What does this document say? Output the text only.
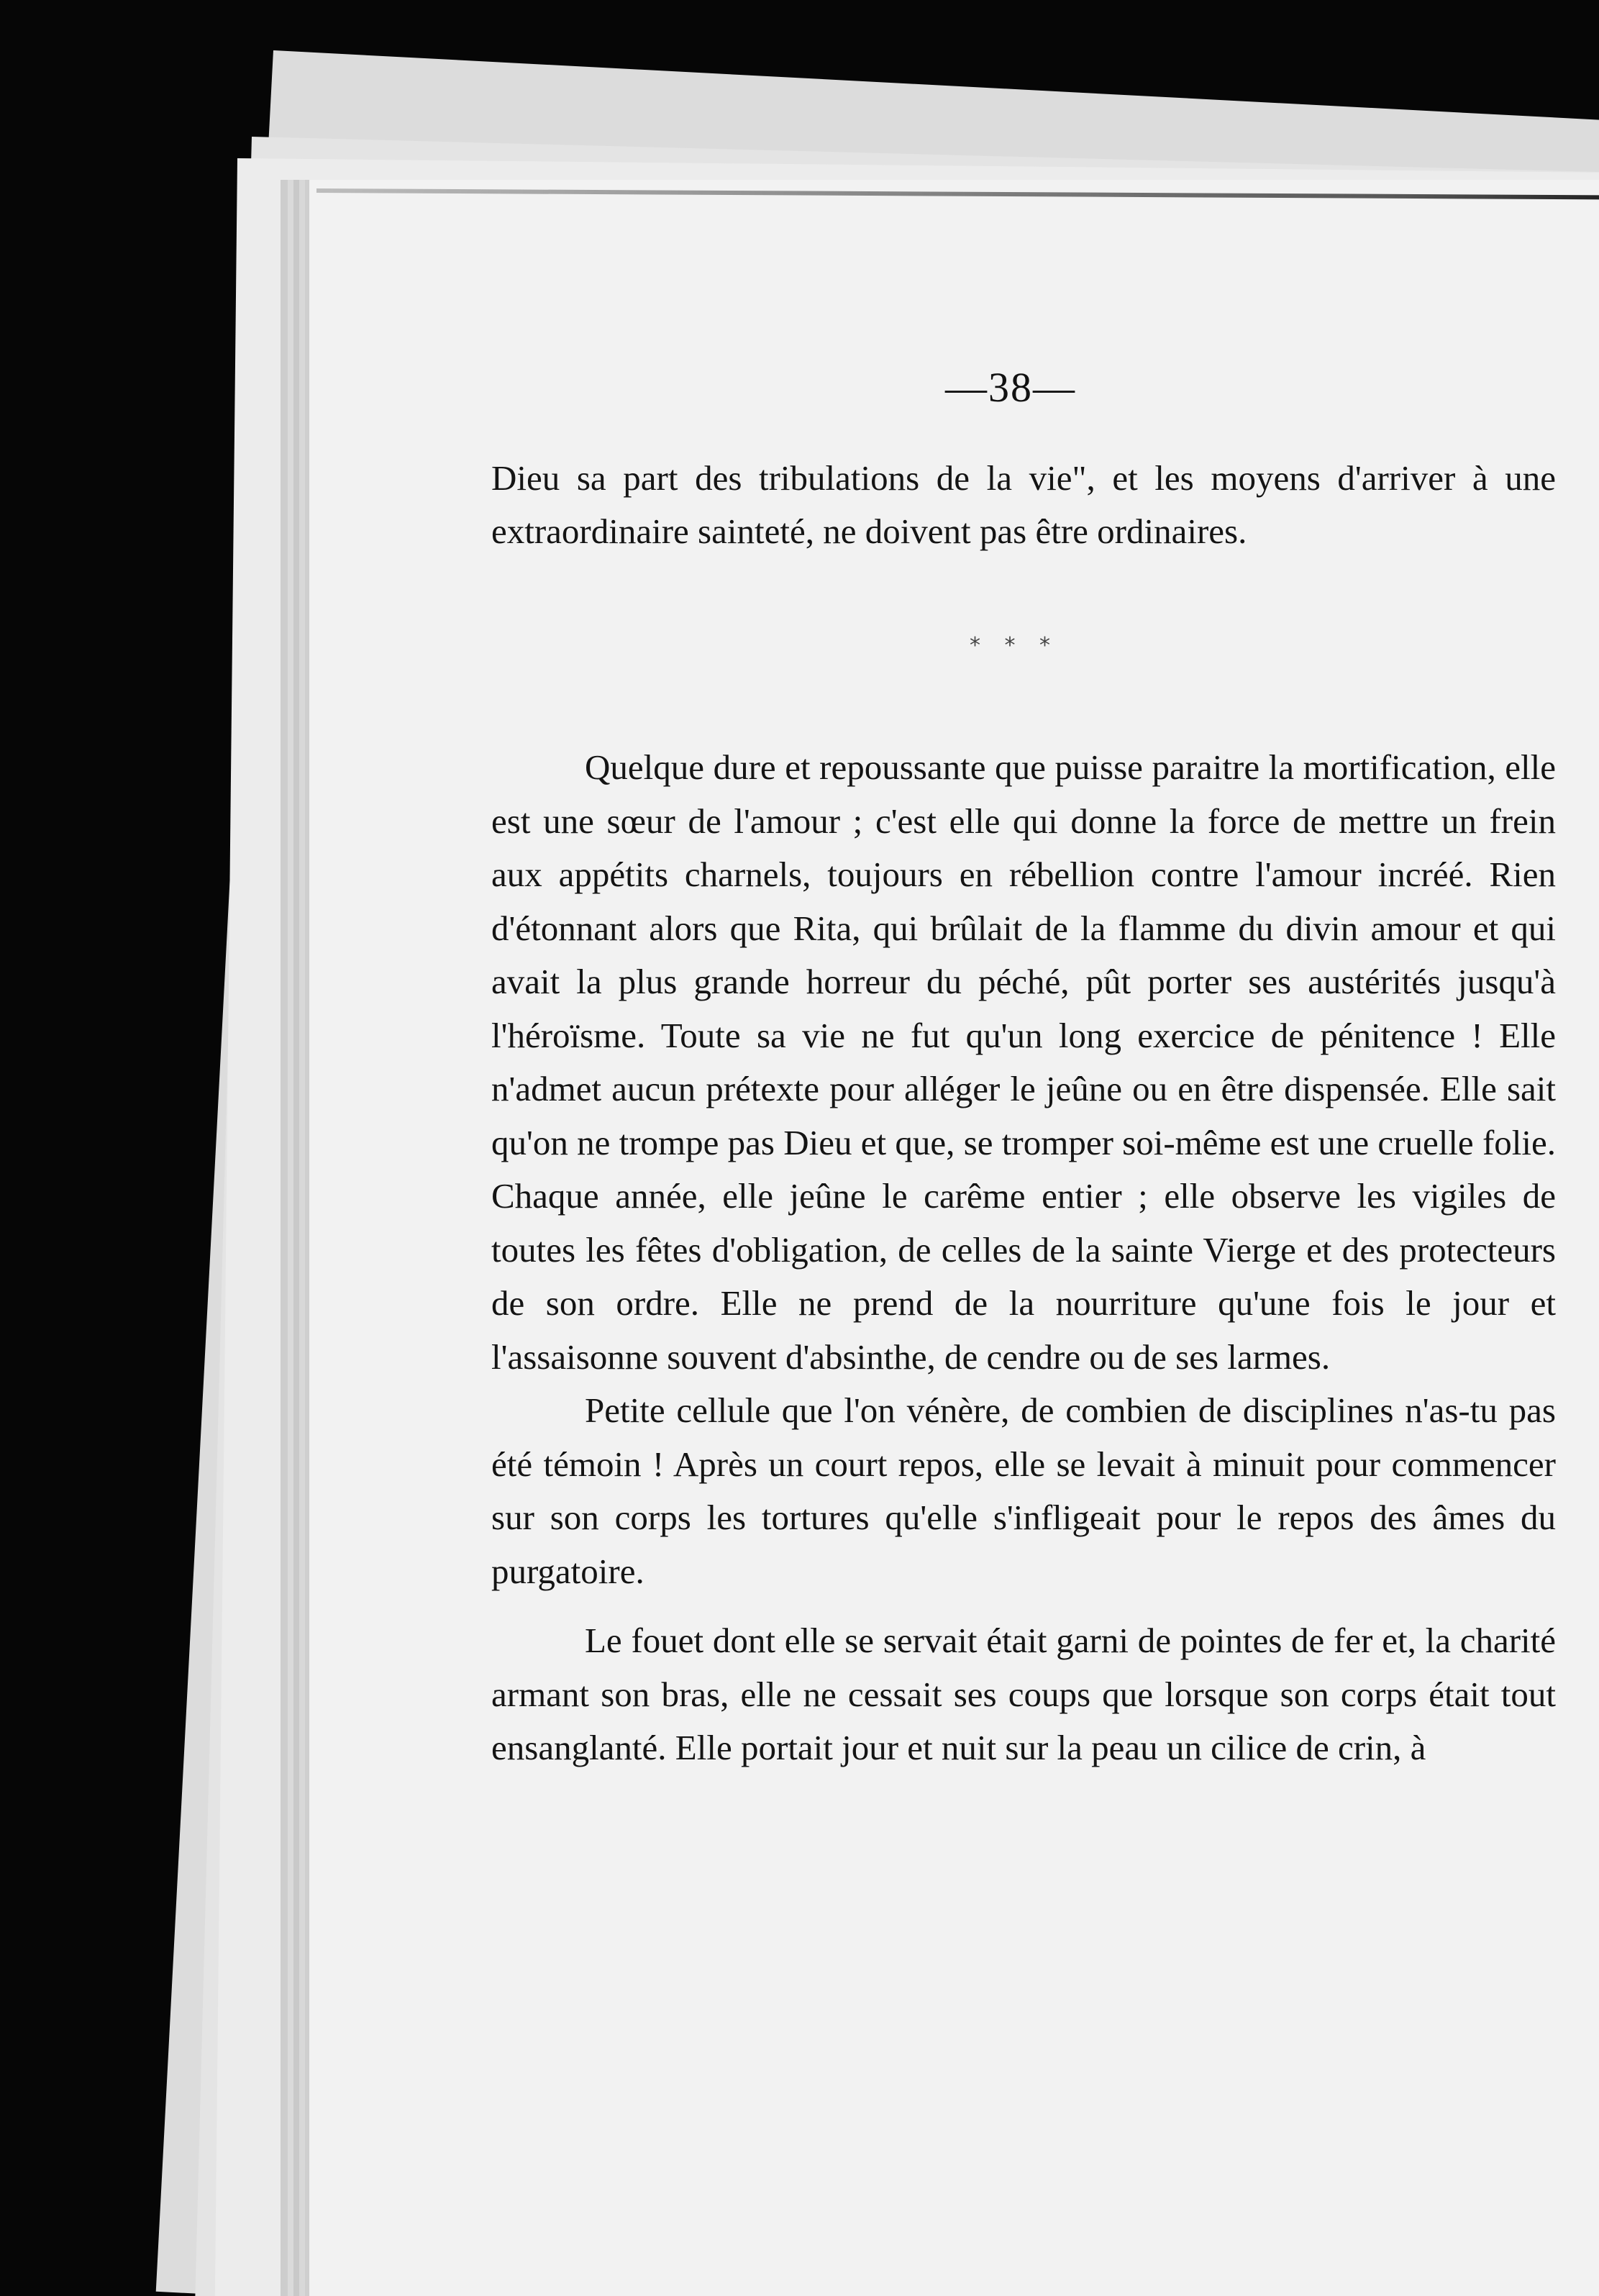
—38—

Dieu sa part des tribulations de la vie", et les moyens d'arriver à une extraordinaire sainteté, ne doivent pas être ordinaires.

* * *

Quelque dure et repoussante que puisse paraitre la mortification, elle est une sœur de l'amour ; c'est elle qui donne la force de mettre un frein aux appétits charnels, toujours en rébellion contre l'amour incréé. Rien d'étonnant alors que Rita, qui brûlait de la flamme du divin amour et qui avait la plus grande horreur du péché, pût porter ses austérités jusqu'à l'héroïsme. Toute sa vie ne fut qu'un long exercice de pénitence ! Elle n'admet aucun prétexte pour alléger le jeûne ou en être dispensée. Elle sait qu'on ne trompe pas Dieu et que, se tromper soi-même est une cruelle folie. Chaque année, elle jeûne le carême entier ; elle observe les vigiles de toutes les fêtes d'obligation, de celles de la sainte Vierge et des protecteurs de son ordre. Elle ne prend de la nourriture qu'une fois le jour et l'assaisonne souvent d'absinthe, de cendre ou de ses larmes.

Petite cellule que l'on vénère, de combien de disciplines n'as-tu pas été témoin ! Après un court repos, elle se levait à minuit pour commencer sur son corps les tortures qu'elle s'infligeait pour le repos des âmes du purgatoire.

Le fouet dont elle se servait était garni de pointes de fer et, la charité armant son bras, elle ne cessait ses coups que lorsque son corps était tout ensanglanté. Elle portait jour et nuit sur la peau un cilice de crin, à
